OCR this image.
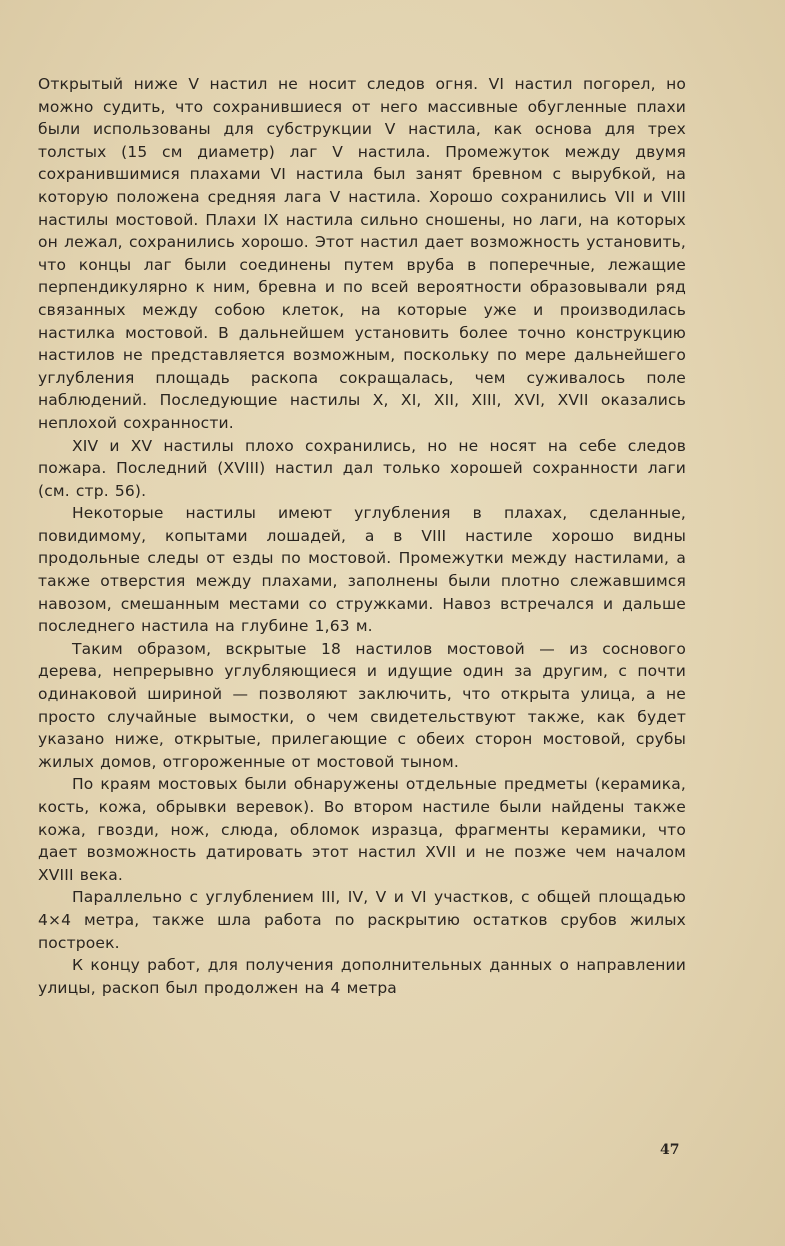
Открытый ниже V настил не носит следов огня. VI настил погорел, но можно судить, что сохранившиеся от него массивные обугленные плахи были использованы для субструкции V настила, как основа для трех толстых (15 см диаметр) лаг V настила. Промежуток между двумя сохранившимися плахами VI настила был занят бревном с вырубкой, на которую положена средняя лага V настила. Хорошо сохранились VII и VIII настилы мостовой. Плахи IX настила сильно сношены, но лаги, на которых он лежал, сохранились хорошо. Этот настил дает возможность установить, что концы лаг были соединены путем вруба в поперечные, лежащие перпендикулярно к ним, бревна и по всей вероятности образовывали ряд связанных между собою клеток, на которые уже и производилась настилка мостовой. В дальнейшем установить более точно конструкцию настилов не представляется возможным, поскольку по мере дальнейшего углубления площадь раскопа сокращалась, чем суживалось поле наблюдений. Последующие настилы X, XI, XII, XIII, XVI, XVII оказались неплохой сохранности.

XIV и XV настилы плохо сохранились, но не носят на себе следов пожара. Последний (XVIII) настил дал только хорошей сохранности лаги (см. стр. 56).

Некоторые настилы имеют углубления в плахах, сделанные, повидимому, копытами лошадей, а в VIII настиле хорошо видны продольные следы от езды по мостовой. Промежутки между настилами, а также отверстия между плахами, заполнены были плотно слежавшимся навозом, смешанным местами со стружками. Навоз встречался и дальше последнего настила на глубине 1,63 м.

Таким образом, вскрытые 18 настилов мостовой — из соснового дерева, непрерывно углубляющиеся и идущие один за другим, с почти одинаковой шириной — позволяют заключить, что открыта улица, а не просто случайные вымостки, о чем свидетельствуют также, как будет указано ниже, открытые, прилегающие с обеих сторон мостовой, срубы жилых домов, отгороженные от мостовой тыном.

По краям мостовых были обнаружены отдельные предметы (керамика, кость, кожа, обрывки веревок). Во втором настиле были найдены также кожа, гвозди, нож, слюда, обломок изразца, фрагменты керамики, что дает возможность датировать этот настил XVII и не позже чем началом XVIII века.

Параллельно с углублением III, IV, V и VI участков, с общей площадью 4×4 метра, также шла работа по раскрытию остатков срубов жилых построек.

К концу работ, для получения дополнительных данных о направлении улицы, раскоп был продолжен на 4 метра

47
